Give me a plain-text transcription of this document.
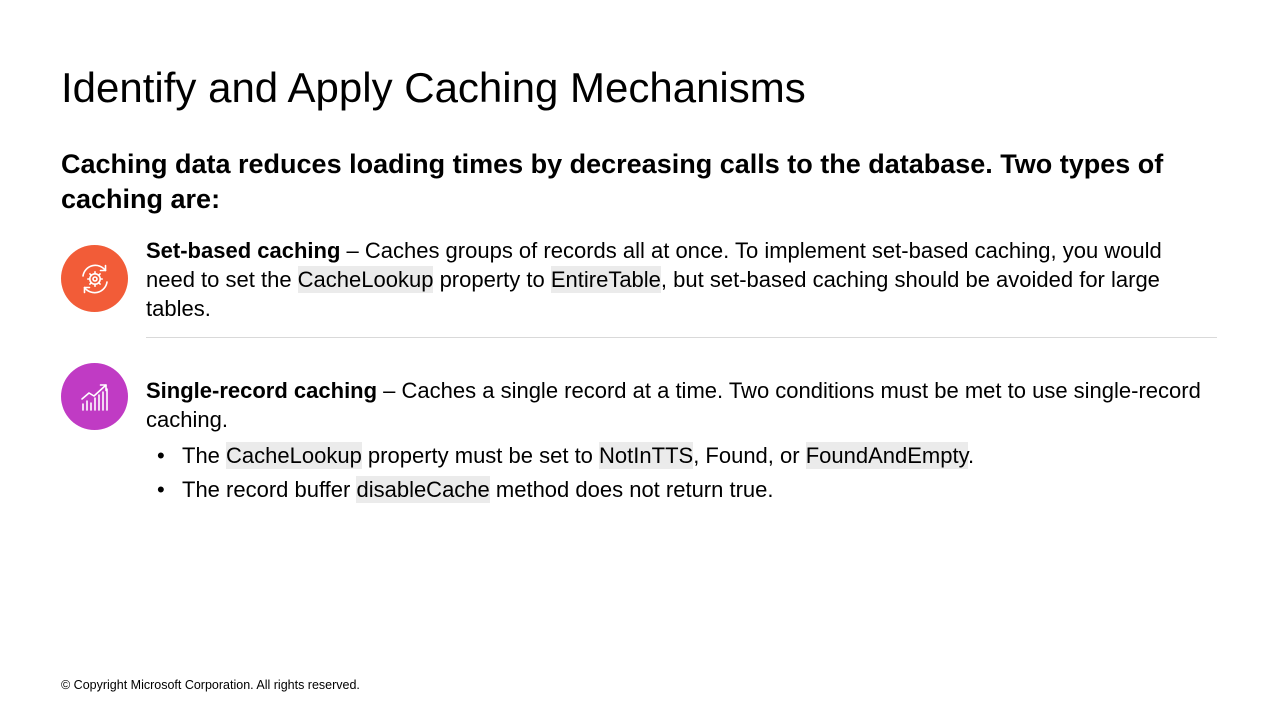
Identify and Apply Caching Mechanisms

Caching data reduces loading times by decreasing calls to the database. Two types of caching are:

Set-based caching – Caches groups of records all at once. To implement set-based caching, you would need to set the CacheLookup property to EntireTable, but set-based caching should be avoided for large tables.
Single-record caching – Caches a single record at a time. Two conditions must be met to use single-record caching.
• The CacheLookup property must be set to NotInTTS, Found, or FoundAndEmpty.
• The record buffer disableCache method does not return true.
© Copyright Microsoft Corporation. All rights reserved.
